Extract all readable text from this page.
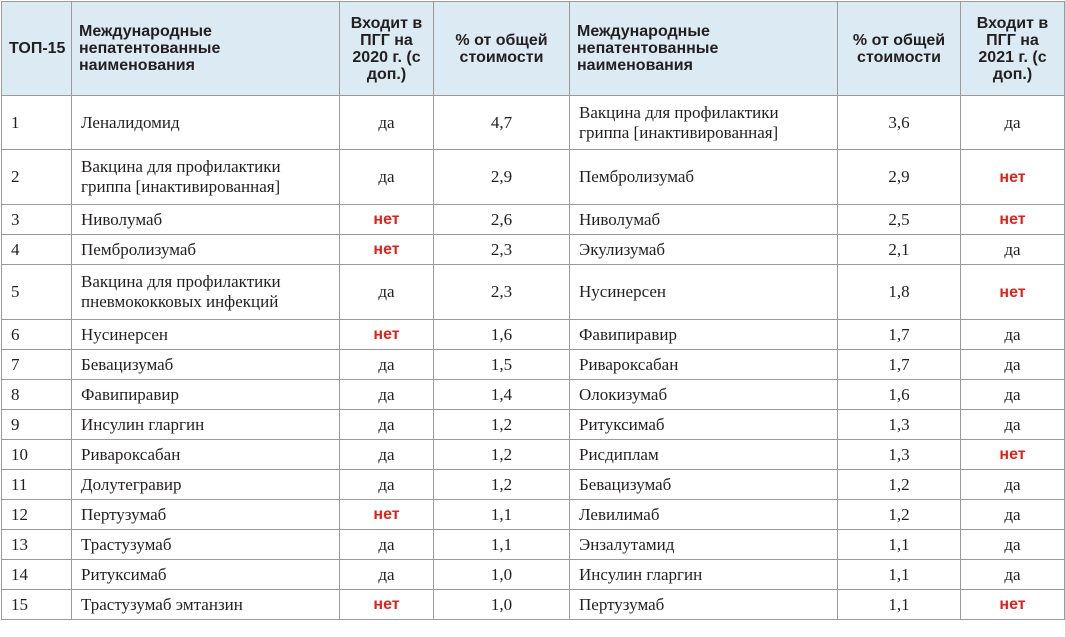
ТОП-15	Международные непатентованные наименования	Входит в ПГГ на 2020 г. (с доп.)	% от общей стоимости	Международные непатентованные наименования	% от общей стоимости	Входит в ПГГ на 2021 г. (с доп.)
1	Леналидомид	да	4,7	Вакцина для профилактики гриппа [инактивированная]	3,6	да
2	Вакцина для профилактики гриппа [инактивированная]	да	2,9	Пембролизумаб	2,9	нет
3	Ниволумаб	нет	2,6	Ниволумаб	2,5	нет
4	Пембролизумаб	нет	2,3	Экулизумаб	2,1	да
5	Вакцина для профилактики пневмококковых инфекций	да	2,3	Нусинерсен	1,8	нет
6	Нусинерсен	нет	1,6	Фавипиравир	1,7	да
7	Бевацизумаб	да	1,5	Ривароксабан	1,7	да
8	Фавипиравир	да	1,4	Олокизумаб	1,6	да
9	Инсулин гларгин	да	1,2	Ритуксимаб	1,3	да
10	Ривароксабан	да	1,2	Рисдиплам	1,3	нет
11	Долутегравир	да	1,2	Бевацизумаб	1,2	да
12	Пертузумаб	нет	1,1	Левилимаб	1,2	да
13	Трастузумаб	да	1,1	Энзалутамид	1,1	да
14	Ритуксимаб	да	1,0	Инсулин гларгин	1,1	да
15	Трастузумаб эмтанзин	нет	1,0	Пертузумаб	1,1	нет
